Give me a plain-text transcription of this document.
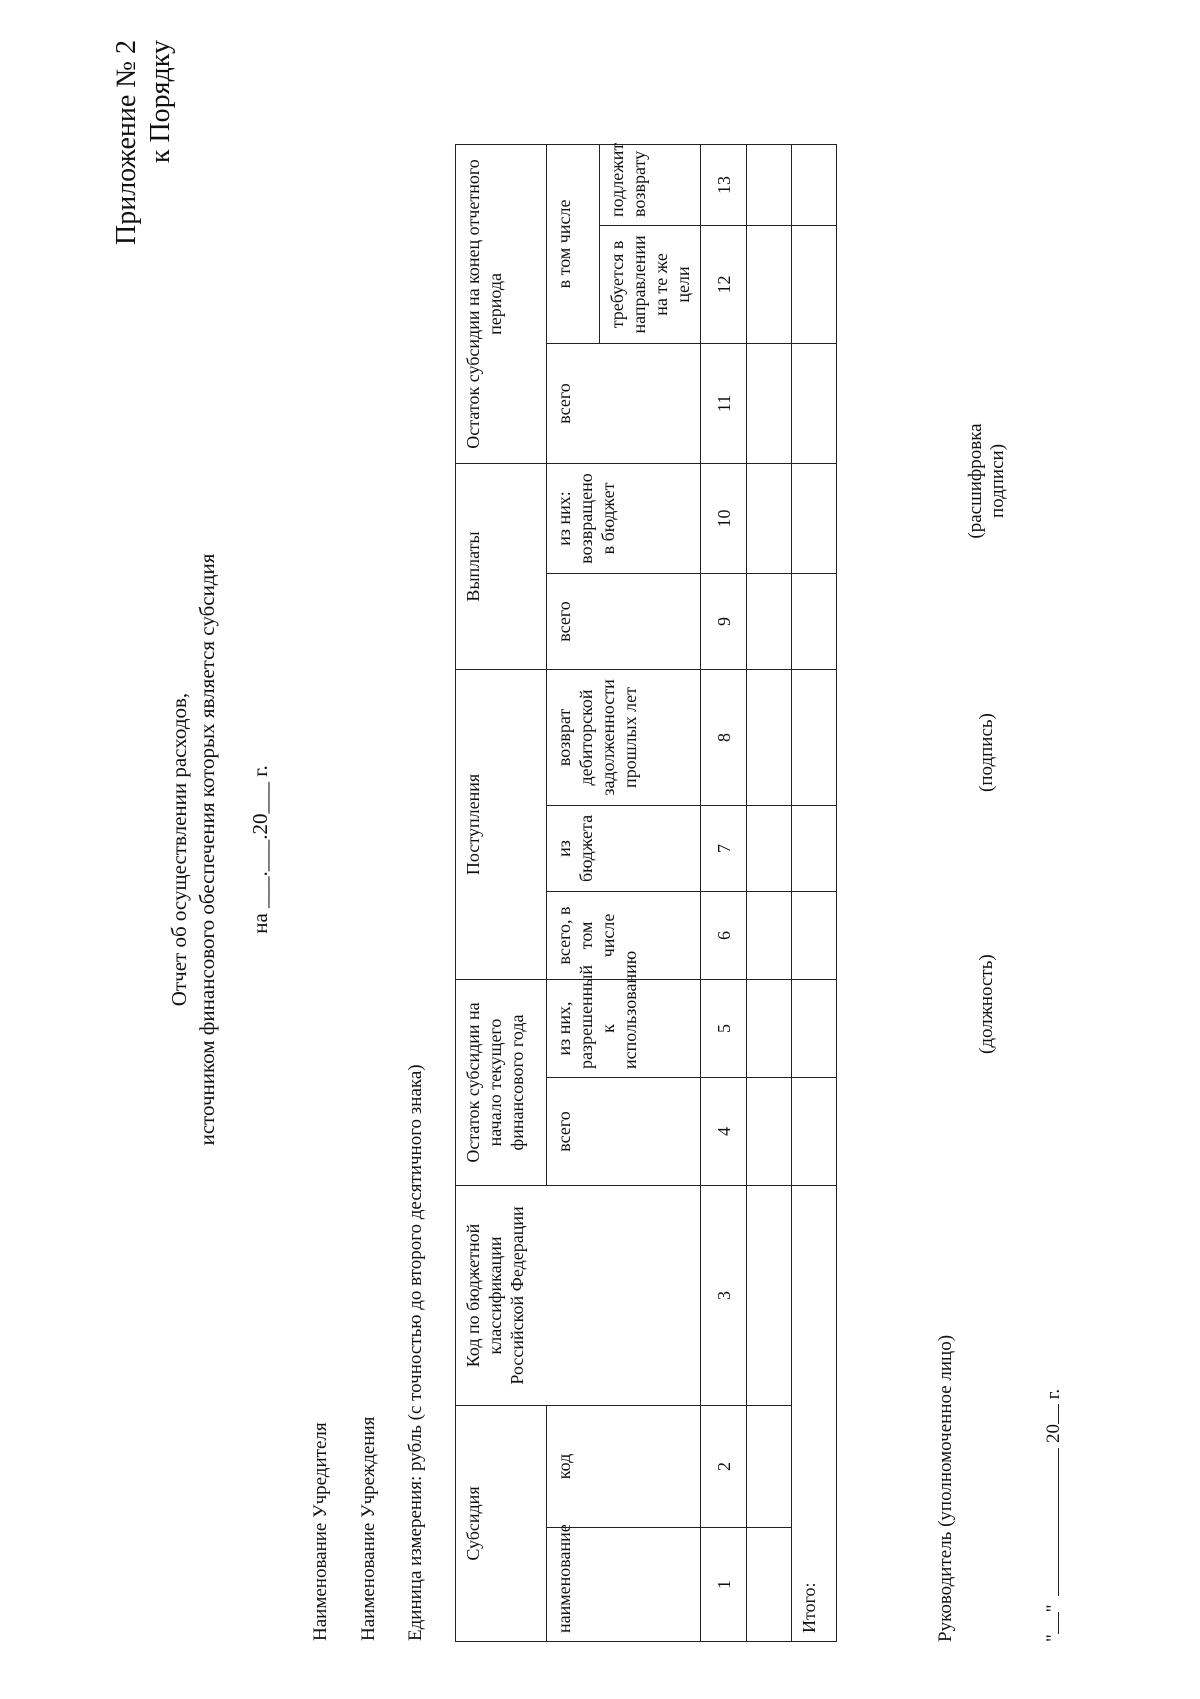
Приложение № 2 к Порядку
Отчет об осуществлении расходов, источником финансового обеспечения которых является субсидия на ___.___.20___ г.
Наименование Учредителя Наименование Учреждения Единица измерения: рубль (с точностью до второго десятичного знака) Субсидия		Код по бюджетной классификации Российской Федерации	Остаток субсидии на начало текущего финансового года		Поступления			Выплаты		Остаток субсидии на конец отчетного периода		
наименование	код		всего	из них, разрешенный к использованию	всего, в том числе	из бюджета	возврат дебиторской задолженности прошлых лет	всего	из них: возвращено в бюджет	всего	в том числе	
											требуется в направлении на те же цели	подлежит возврату
1	2	3	4	5	6	7	8	9	10	11	12	13

Итого:													Руководитель (уполномоченное лицо)
(должность)
(подпись)
(расшифровка подписи)
""  20 г.
